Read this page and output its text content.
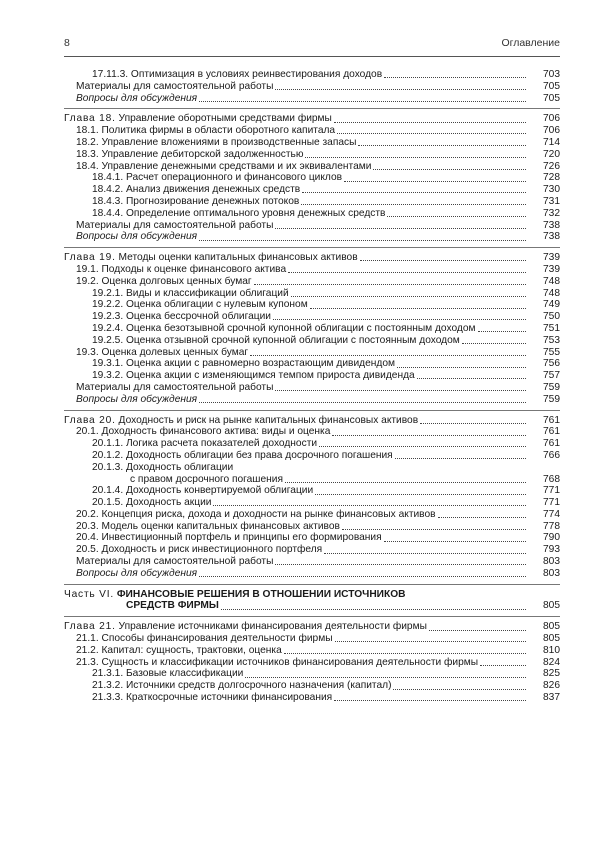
8	Оглавление
17.11.3. Оптимизация в условиях реинвестирования доходов	703
Материалы для самостоятельной работы	705
Вопросы для обсуждения	705
Глава 18. Управление оборотными средствами фирмы	706
18.1. Политика фирмы в области оборотного капитала	706
18.2. Управление вложениями в производственные запасы	714
18.3. Управление дебиторской задолженностью	720
18.4. Управление денежными средствами и их эквивалентами	726
18.4.1. Расчет операционного и финансового циклов	728
18.4.2. Анализ движения денежных средств	730
18.4.3. Прогнозирование денежных потоков	731
18.4.4. Определение оптимального уровня денежных средств	732
Материалы для самостоятельной работы	738
Вопросы для обсуждения	738
Глава 19. Методы оценки капитальных финансовых активов	739
19.1. Подходы к оценке финансового актива	739
19.2. Оценка долговых ценных бумаг	748
19.2.1. Виды и классификации облигаций	748
19.2.2. Оценка облигации с нулевым купоном	749
19.2.3. Оценка бессрочной облигации	750
19.2.4. Оценка безотзывной срочной купонной облигации с постоянным доходом	751
19.2.5. Оценка отзывной срочной купонной облигации с постоянным доходом	753
19.3. Оценка долевых ценных бумаг	755
19.3.1. Оценка акции с равномерно возрастающим дивидендом	756
19.3.2. Оценка акции с изменяющимся темпом прироста дивиденда	757
Материалы для самостоятельной работы	759
Вопросы для обсуждения	759
Глава 20. Доходность и риск на рынке капитальных финансовых активов	761
20.1. Доходность финансового актива: виды и оценка	761
20.1.1. Логика расчета показателей доходности	761
20.1.2. Доходность облигации без права досрочного погашения	766
20.1.3. Доходность облигации
с правом досрочного погашения	768
20.1.4. Доходность конвертируемой облигации	771
20.1.5. Доходность акции	771
20.2. Концепция риска, дохода и доходности на рынке финансовых активов	774
20.3. Модель оценки капитальных финансовых активов	778
20.4. Инвестиционный портфель и принципы его формирования	790
20.5. Доходность и риск инвестиционного портфеля	793
Материалы для самостоятельной работы	803
Вопросы для обсуждения	803
Часть VI. ФИНАНСОВЫЕ РЕШЕНИЯ В ОТНОШЕНИИ ИСТОЧНИКОВ
СРЕДСТВ ФИРМЫ	805
Глава 21. Управление источниками финансирования деятельности фирмы	805
21.1. Способы финансирования деятельности фирмы	805
21.2. Капитал: сущность, трактовки, оценка	810
21.3. Сущность и классификации источников финансирования деятельности фирмы	824
21.3.1. Базовые классификации	825
21.3.2. Источники средств долгосрочного назначения (капитал)	826
21.3.3. Краткосрочные источники финансирования	837
